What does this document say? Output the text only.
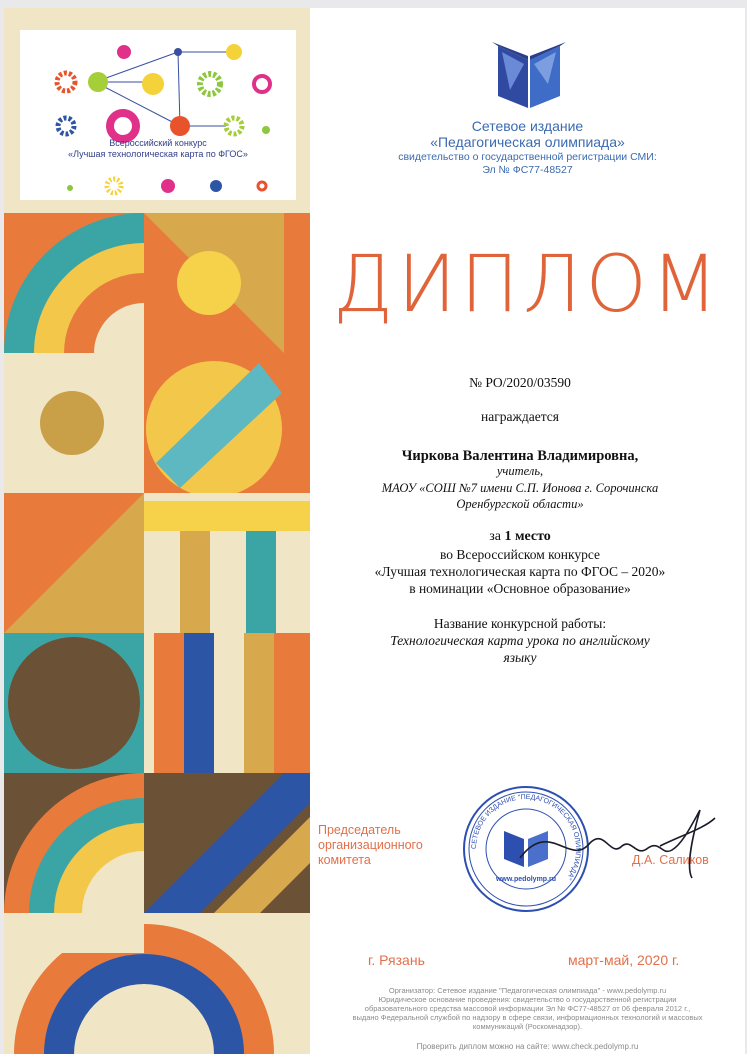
Всероссийский конкурс
«Лучшая технологическая карта по ФГОС»
Сетевое издание
«Педагогическая олимпиада»
свидетельство о государственной регистрации СМИ:
Эл № ФС77-48527
ДИПЛОМ
№ PO/2020/03590
награждается
Чиркова Валентина Владимировна,
учитель,
МАОУ «СОШ №7 имени С.П. Ионова г. Сорочинска
Оренбургской области»
за 1 место
во Всероссийском конкурсе
«Лучшая технологическая карта по ФГОС – 2020»
в номинации «Основное образование»
Название конкурсной работы:
Технологическая карта урока по английскому
языку
СЕТЕВОЕ ИЗДАНИЕ "ПЕДАГОГИЧЕСКАЯ ОЛИМПИАДА"
www.pedolymp.ru
Председатель
организационного
комитета	Д.А. Саликов
г. Рязань	март-май, 2020 г.
Организатор: Сетевое издание "Педагогическая олимпиада" - www.pedolymp.ru
Юридическое основание проведения: свидетельство о государственной регистрации
образовательного средства массовой информации Эл № ФС77-48527 от 06 февраля 2012 г.,
выдано Федеральной службой по надзору в сфере связи, информационных технологий и массовых
коммуникаций (Роскомнадзор).
Проверить диплом можно на сайте: www.check.pedolymp.ru
